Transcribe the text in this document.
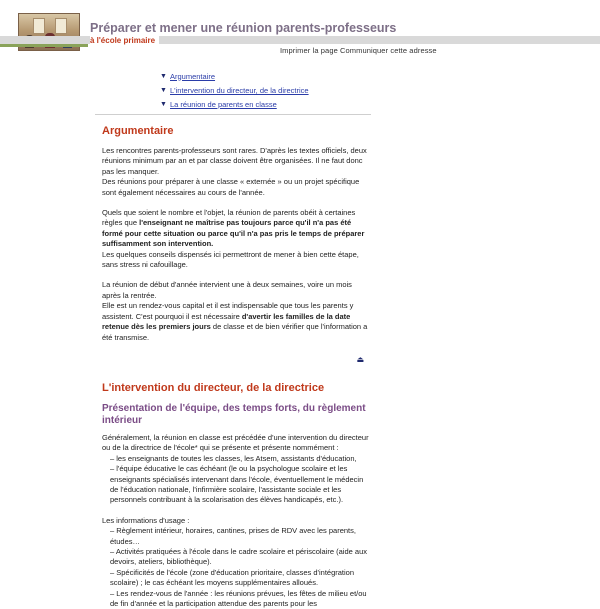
Préparer et mener une réunion parents-professeurs
à l'école primaire
Imprimer la page Communiquer cette adresse
▼ Argumentaire
▼ L'intervention du directeur, de la directrice
▼ La réunion de parents en classe
Argumentaire

Les rencontres parents-professeurs sont rares. D'après les textes officiels, deux réunions minimum par an et par classe doivent être organisées. Il ne faut donc pas les manquer.

Des réunions pour préparer à une classe « externée » ou un projet spécifique sont également nécessaires au cours de l'année.

Quels que soient le nombre et l'objet, la réunion de parents obéit à certaines règles que l'enseignant ne maîtrise pas toujours parce qu'il n'a pas été formé pour cette situation ou parce qu'il n'a pas pris le temps de préparer suffisamment son intervention.
Les quelques conseils dispensés ici permettront de mener à bien cette étape, sans stress ni cafouillage.

La réunion de début d'année intervient une à deux semaines, voire un mois après la rentrée.

Elle est un rendez-vous capital et il est indispensable que tous les parents y assistent. C'est pourquoi il est nécessaire d'avertir les familles de la date retenue dès les premiers jours de classe et de bien vérifier que l'information a été transmise.

⏏
L'intervention du directeur, de la directrice
Présentation de l'équipe, des temps forts, du règlement intérieur

Généralement, la réunion en classe est précédée d'une intervention du directeur ou de la directrice de l'école* qui se présente et présente nommément :

– les enseignants de toutes les classes, les Atsem, assistants d'éducation,
– l'équipe éducative le cas échéant (le ou la psychologue scolaire et les enseignants spécialisés intervenant dans l'école, éventuellement le médecin de l'éducation nationale, l'infirmière scolaire, l'assistante sociale et les personnels contribuant à la scolarisation des élèves handicapés, etc.).

Les informations d'usage :

– Règlement intérieur, horaires, cantines, prises de RDV avec les parents, études…
– Activités pratiquées à l'école dans le cadre scolaire et périscolaire (aide aux devoirs, ateliers, bibliothèque).
– Spécificités de l'école (zone d'éducation prioritaire, classes d'intégration scolaire) ; le cas échéant les moyens supplémentaires alloués.
– Les rendez-vous de l'année : les réunions prévues, les fêtes de milieu et/ou de fin d'année et la participation attendue des parents pour les
